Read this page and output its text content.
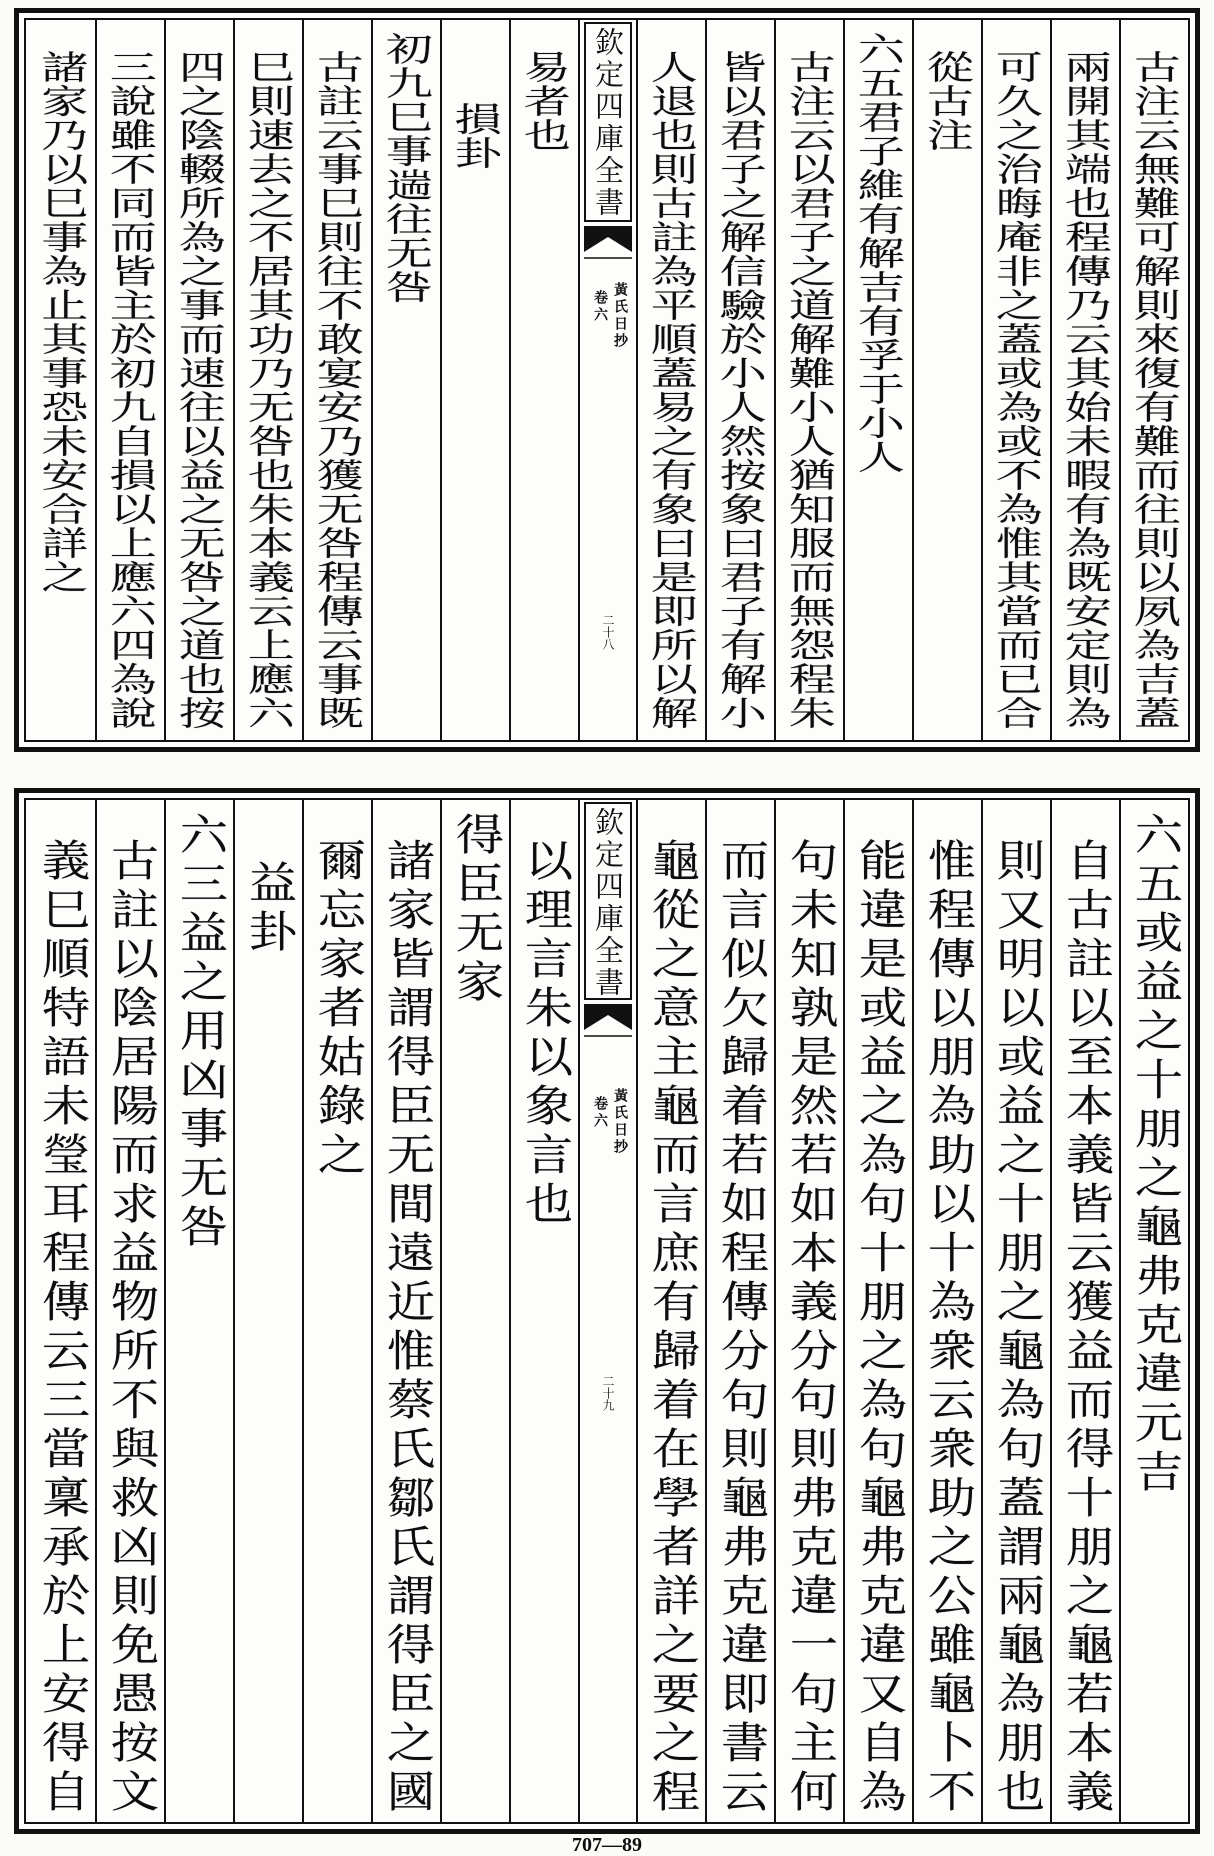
古注云無難可解則來復有難而往則以夙為吉蓋
兩開其端也程傳乃云其始未暇有為既安定則為
可久之治晦庵非之蓋或為或不為惟其當而已合
從古注
六五君子維有解吉有孚于小人
古注云以君子之道解難小人猶知服而無怨程朱
皆以君子之解信驗於小人然按象曰君子有解小
人退也則古註為平順蓋易之有象曰是即所以解
欽定四庫全書
黃氏日抄
卷六
二十八
易者也
損卦
初九巳事遄往无咎
古註云事巳則往不敢宴安乃獲无咎程傳云事既
巳則速去之不居其功乃无咎也朱本義云上應六
四之陰輟所為之事而速往以益之无咎之道也按
三說雖不同而皆主於初九自損以上應六四為說
諸家乃以巳事為止其事恐未安合詳之
六五或益之十朋之龜弗克違元吉
自古註以至本義皆云獲益而得十朋之龜若本義
則又明以或益之十朋之龜為句蓋謂兩龜為朋也
惟程傳以朋為助以十為衆云衆助之公雖龜卜不
能違是或益之為句十朋之為句龜弗克違又自為
句未知孰是然若如本義分句則弗克違一句主何
而言似欠歸着若如程傳分句則龜弗克違即書云
龜從之意主龜而言庶有歸着在學者詳之要之程
欽定四庫全書
黃氏日抄
卷六
二十九
以理言朱以象言也
得臣无家
諸家皆謂得臣无間遠近惟蔡氏鄒氏謂得臣之國
爾忘家者姑錄之
益卦
六三益之用凶事无咎
古註以陰居陽而求益物所不與救凶則免愚按文
義巳順特語未瑩耳程傳云三當稟承於上安得自
707—89
